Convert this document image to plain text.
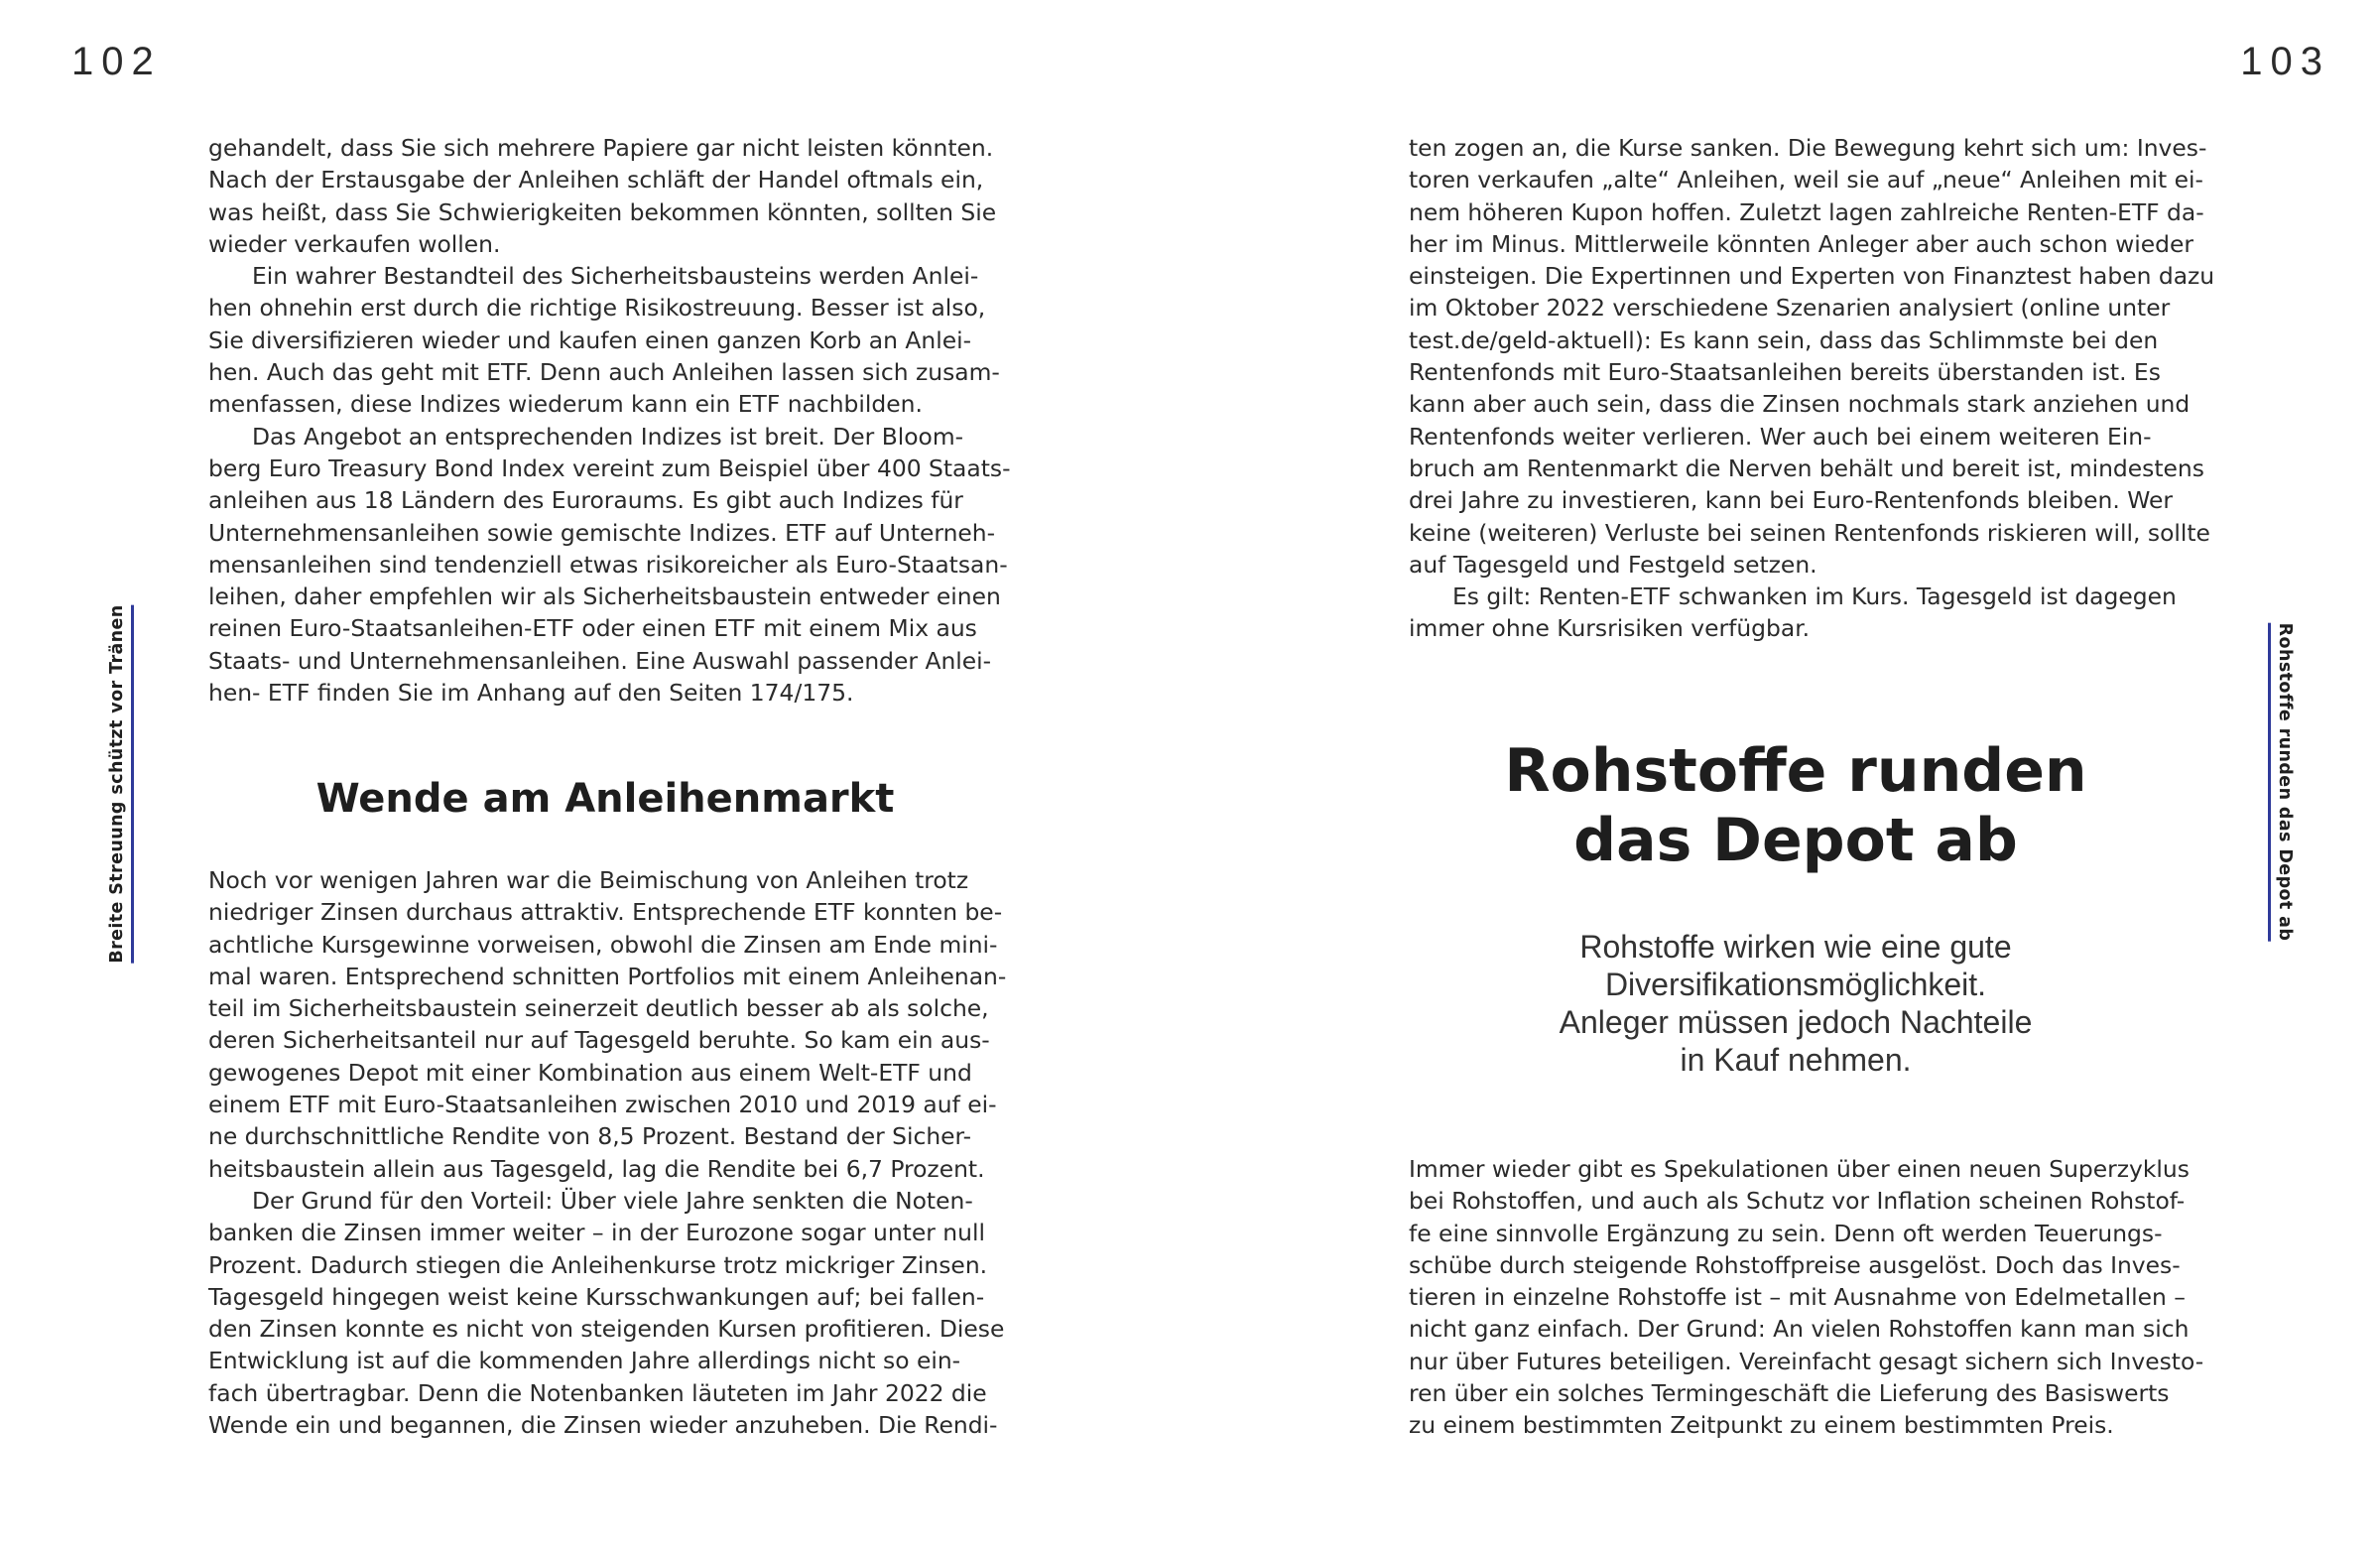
102	103
Breite Streuung schützt vor Tränen	Rohstoffe runden das Depot ab
gehandelt, dass Sie sich mehrere Papiere gar nicht leisten könnten.
Nach der Erstausgabe der Anleihen schläft der Handel oftmals ein,
was heißt, dass Sie Schwierigkeiten bekommen könnten, sollten Sie
wieder verkaufen wollen.
Ein wahrer Bestandteil des Sicherheitsbausteins werden Anlei-
hen ohnehin erst durch die richtige Risikostreuung. Besser ist also,
Sie diversifizieren wieder und kaufen einen ganzen Korb an Anlei-
hen. Auch das geht mit ETF. Denn auch Anleihen lassen sich zusam-
menfassen, diese Indizes wiederum kann ein ETF nachbilden.
Das Angebot an entsprechenden Indizes ist breit. Der Bloom-
berg Euro Treasury Bond Index vereint zum Beispiel über 400 Staats-
anleihen aus 18 Ländern des Euroraums. Es gibt auch Indizes für
Unternehmensanleihen sowie gemischte Indizes. ETF auf Unterneh-
mensanleihen sind tendenziell etwas risikoreicher als Euro-Staatsan-
leihen, daher empfehlen wir als Sicherheitsbaustein entweder einen
reinen Euro-Staatsanleihen-ETF oder einen ETF mit einem Mix aus
Staats- und Unternehmensanleihen. Eine Auswahl passender Anlei-
hen- ETF finden Sie im Anhang auf den Seiten 174/175.
Wende am Anleihenmarkt
Noch vor wenigen Jahren war die Beimischung von Anleihen trotz
niedriger Zinsen durchaus attraktiv. Entsprechende ETF konnten be-
achtliche Kursgewinne vorweisen, obwohl die Zinsen am Ende mini-
mal waren. Entsprechend schnitten Portfolios mit einem Anleihenan-
teil im Sicherheitsbaustein seinerzeit deutlich besser ab als solche,
deren Sicherheitsanteil nur auf Tagesgeld beruhte. So kam ein aus-
gewogenes Depot mit einer Kombination aus einem Welt-ETF und
einem ETF mit Euro-Staatsanleihen zwischen 2010 und 2019 auf ei-
ne durchschnittliche Rendite von 8,5 Prozent. Bestand der Sicher-
heitsbaustein allein aus Tagesgeld, lag die Rendite bei 6,7 Prozent.
Der Grund für den Vorteil: Über viele Jahre senkten die Noten-
banken die Zinsen immer weiter – in der Eurozone sogar unter null
Prozent. Dadurch stiegen die Anleihenkurse trotz mickriger Zinsen.
Tagesgeld hingegen weist keine Kursschwankungen auf; bei fallen-
den Zinsen konnte es nicht von steigenden Kursen profitieren. Diese
Entwicklung ist auf die kommenden Jahre allerdings nicht so ein-
fach übertragbar. Denn die Notenbanken läuteten im Jahr 2022 die
Wende ein und begannen, die Zinsen wieder anzuheben. Die Rendi-
ten zogen an, die Kurse sanken. Die Bewegung kehrt sich um: Inves-
toren verkaufen „alte“ Anleihen, weil sie auf „neue“ Anleihen mit ei-
nem höheren Kupon hoffen. Zuletzt lagen zahlreiche Renten-ETF da-
her im Minus. Mittlerweile könnten Anleger aber auch schon wieder
einsteigen. Die Expertinnen und Experten von Finanztest haben dazu
im Oktober 2022 verschiedene Szenarien analysiert (online unter
test.de/geld-aktuell): Es kann sein, dass das Schlimmste bei den
Rentenfonds mit Euro-Staatsanleihen bereits überstanden ist. Es
kann aber auch sein, dass die Zinsen nochmals stark anziehen und
Rentenfonds weiter verlieren. Wer auch bei einem weiteren Ein-
bruch am Rentenmarkt die Nerven behält und bereit ist, mindestens
drei Jahre zu investieren, kann bei Euro-Rentenfonds bleiben. Wer
keine (weiteren) Verluste bei seinen Rentenfonds riskieren will, sollte
auf Tagesgeld und Festgeld setzen.
Es gilt: Renten-ETF schwanken im Kurs. Tagesgeld ist dagegen
immer ohne Kursrisiken verfügbar.
Rohstoffe runden
das Depot ab
Rohstoffe wirken wie eine gute
Diversifikationsmöglichkeit.
Anleger müssen jedoch Nachteile
in Kauf nehmen.
Immer wieder gibt es Spekulationen über einen neuen Superzyklus
bei Rohstoffen, und auch als Schutz vor Inflation scheinen Rohstof-
fe eine sinnvolle Ergänzung zu sein. Denn oft werden Teuerungs-
schübe durch steigende Rohstoffpreise ausgelöst. Doch das Inves-
tieren in einzelne Rohstoffe ist – mit Ausnahme von Edelmetallen –
nicht ganz einfach. Der Grund: An vielen Rohstoffen kann man sich
nur über Futures beteiligen. Vereinfacht gesagt sichern sich Investo-
ren über ein solches Termingeschäft die Lieferung des Basiswerts
zu einem bestimmten Zeitpunkt zu einem bestimmten Preis.
